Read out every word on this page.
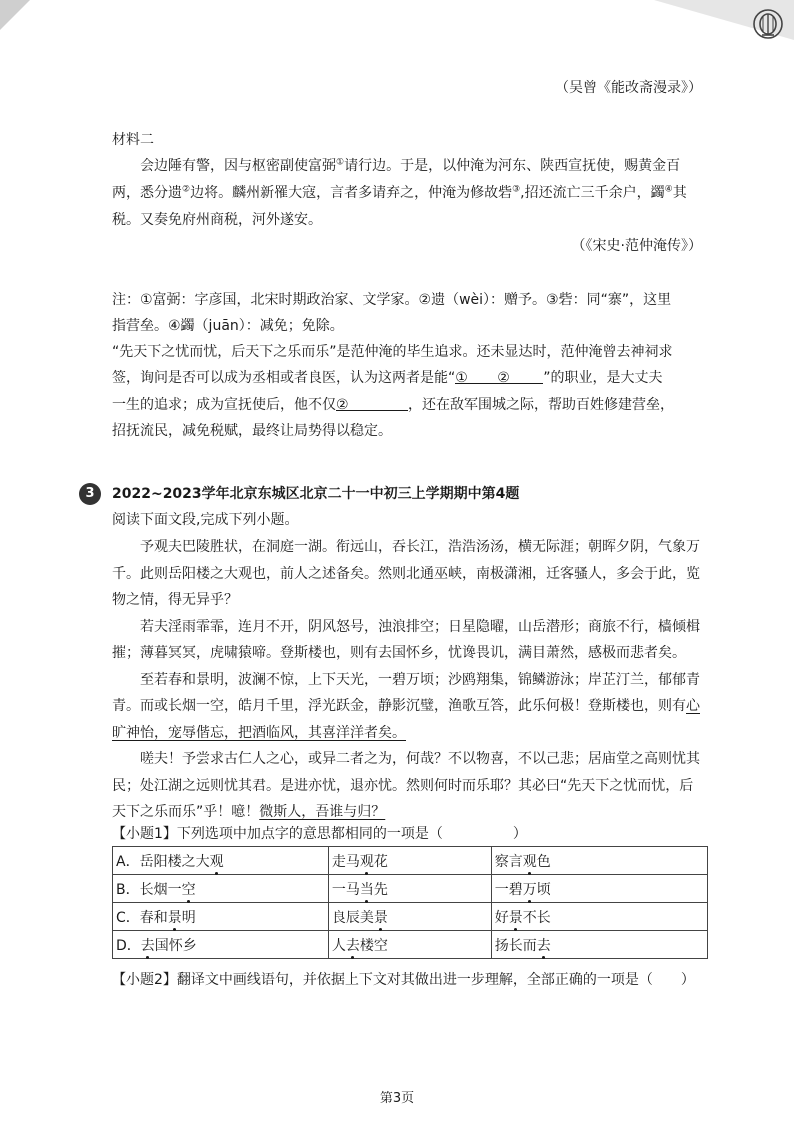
（吴曾《能改斋漫录》）
材料二
会边陲有警，因与枢密副使富弼①请行边。于是，以仲淹为河东、陕西宣抚使，赐黄金百
两，悉分遗②边将。麟州新罹大寇，言者多请弃之，仲淹为修故砦③,招还流亡三千余户，蠲④其
税。又奏免府州商税，河外遂安。
（《宋史·范仲淹传》）
注：①富弼：字彦国，北宋时期政治家、文学家。②遗（wèi）：赠予。③砦：同“寨”，这里
指营垒。④蠲（juān）：减免；免除。
“先天下之忧而忧，后天下之乐而乐”是范仲淹的毕生追求。还未显达时，范仲淹曾去神祠求
签，询问是否可以成为丞相或者良医，认为这两者是能“① ② ”的职业，是大丈夫
一生的追求；成为宣抚使后，他不仅②	，还在敌军围城之际，帮助百姓修建营垒，
招抚流民，减免税赋，最终让局势得以稳定。
3	2022~2023学年北京东城区北京二十一中初三上学期期中第4题
阅读下面文段,完成下列小题。
予观夫巴陵胜状，在洞庭一湖。衔远山，吞长江，浩浩汤汤，横无际涯；朝晖夕阴，气象万
千。此则岳阳楼之大观也，前人之述备矣。然则北通巫峡，南极潇湘，迁客骚人，多会于此，览
物之情，得无异乎？
若夫淫雨霏霏，连月不开，阴风怒号，浊浪排空；日星隐曜，山岳潜形；商旅不行，樯倾楫
摧；薄暮冥冥，虎啸猿啼。登斯楼也，则有去国怀乡，忧谗畏讥，满目萧然，感极而悲者矣。
至若春和景明，波澜不惊，上下天光，一碧万顷；沙鸥翔集，锦鳞游泳；岸芷汀兰，郁郁青
青。而或长烟一空，皓月千里，浮光跃金，静影沉璧，渔歌互答，此乐何极！登斯楼也，则有心
旷神怡，宠辱偕忘，把酒临风，其喜洋洋者矣。
嗟夫！予尝求古仁人之心，或异二者之为，何哉？不以物喜，不以己悲；居庙堂之高则忧其
民；处江湖之远则忧其君。是进亦忧，退亦忧。然则何时而乐耶？其必曰“先天下之忧而忧，后
天下之乐而乐”乎！噫！微斯人，吾谁与归？
【小题1】下列选项中加点字的意思都相同的一项是（　　　　　）
A．岳阳楼之大观	走马观花	察言观色
B．长烟一空	一马当先	一碧万顷
C．春和景明	良辰美景	好景不长
D．去国怀乡	人去楼空	扬长而去
【小题2】翻译文中画线语句，并依据上下文对其做出进一步理解，全部正确的一项是（　　）
第3页
